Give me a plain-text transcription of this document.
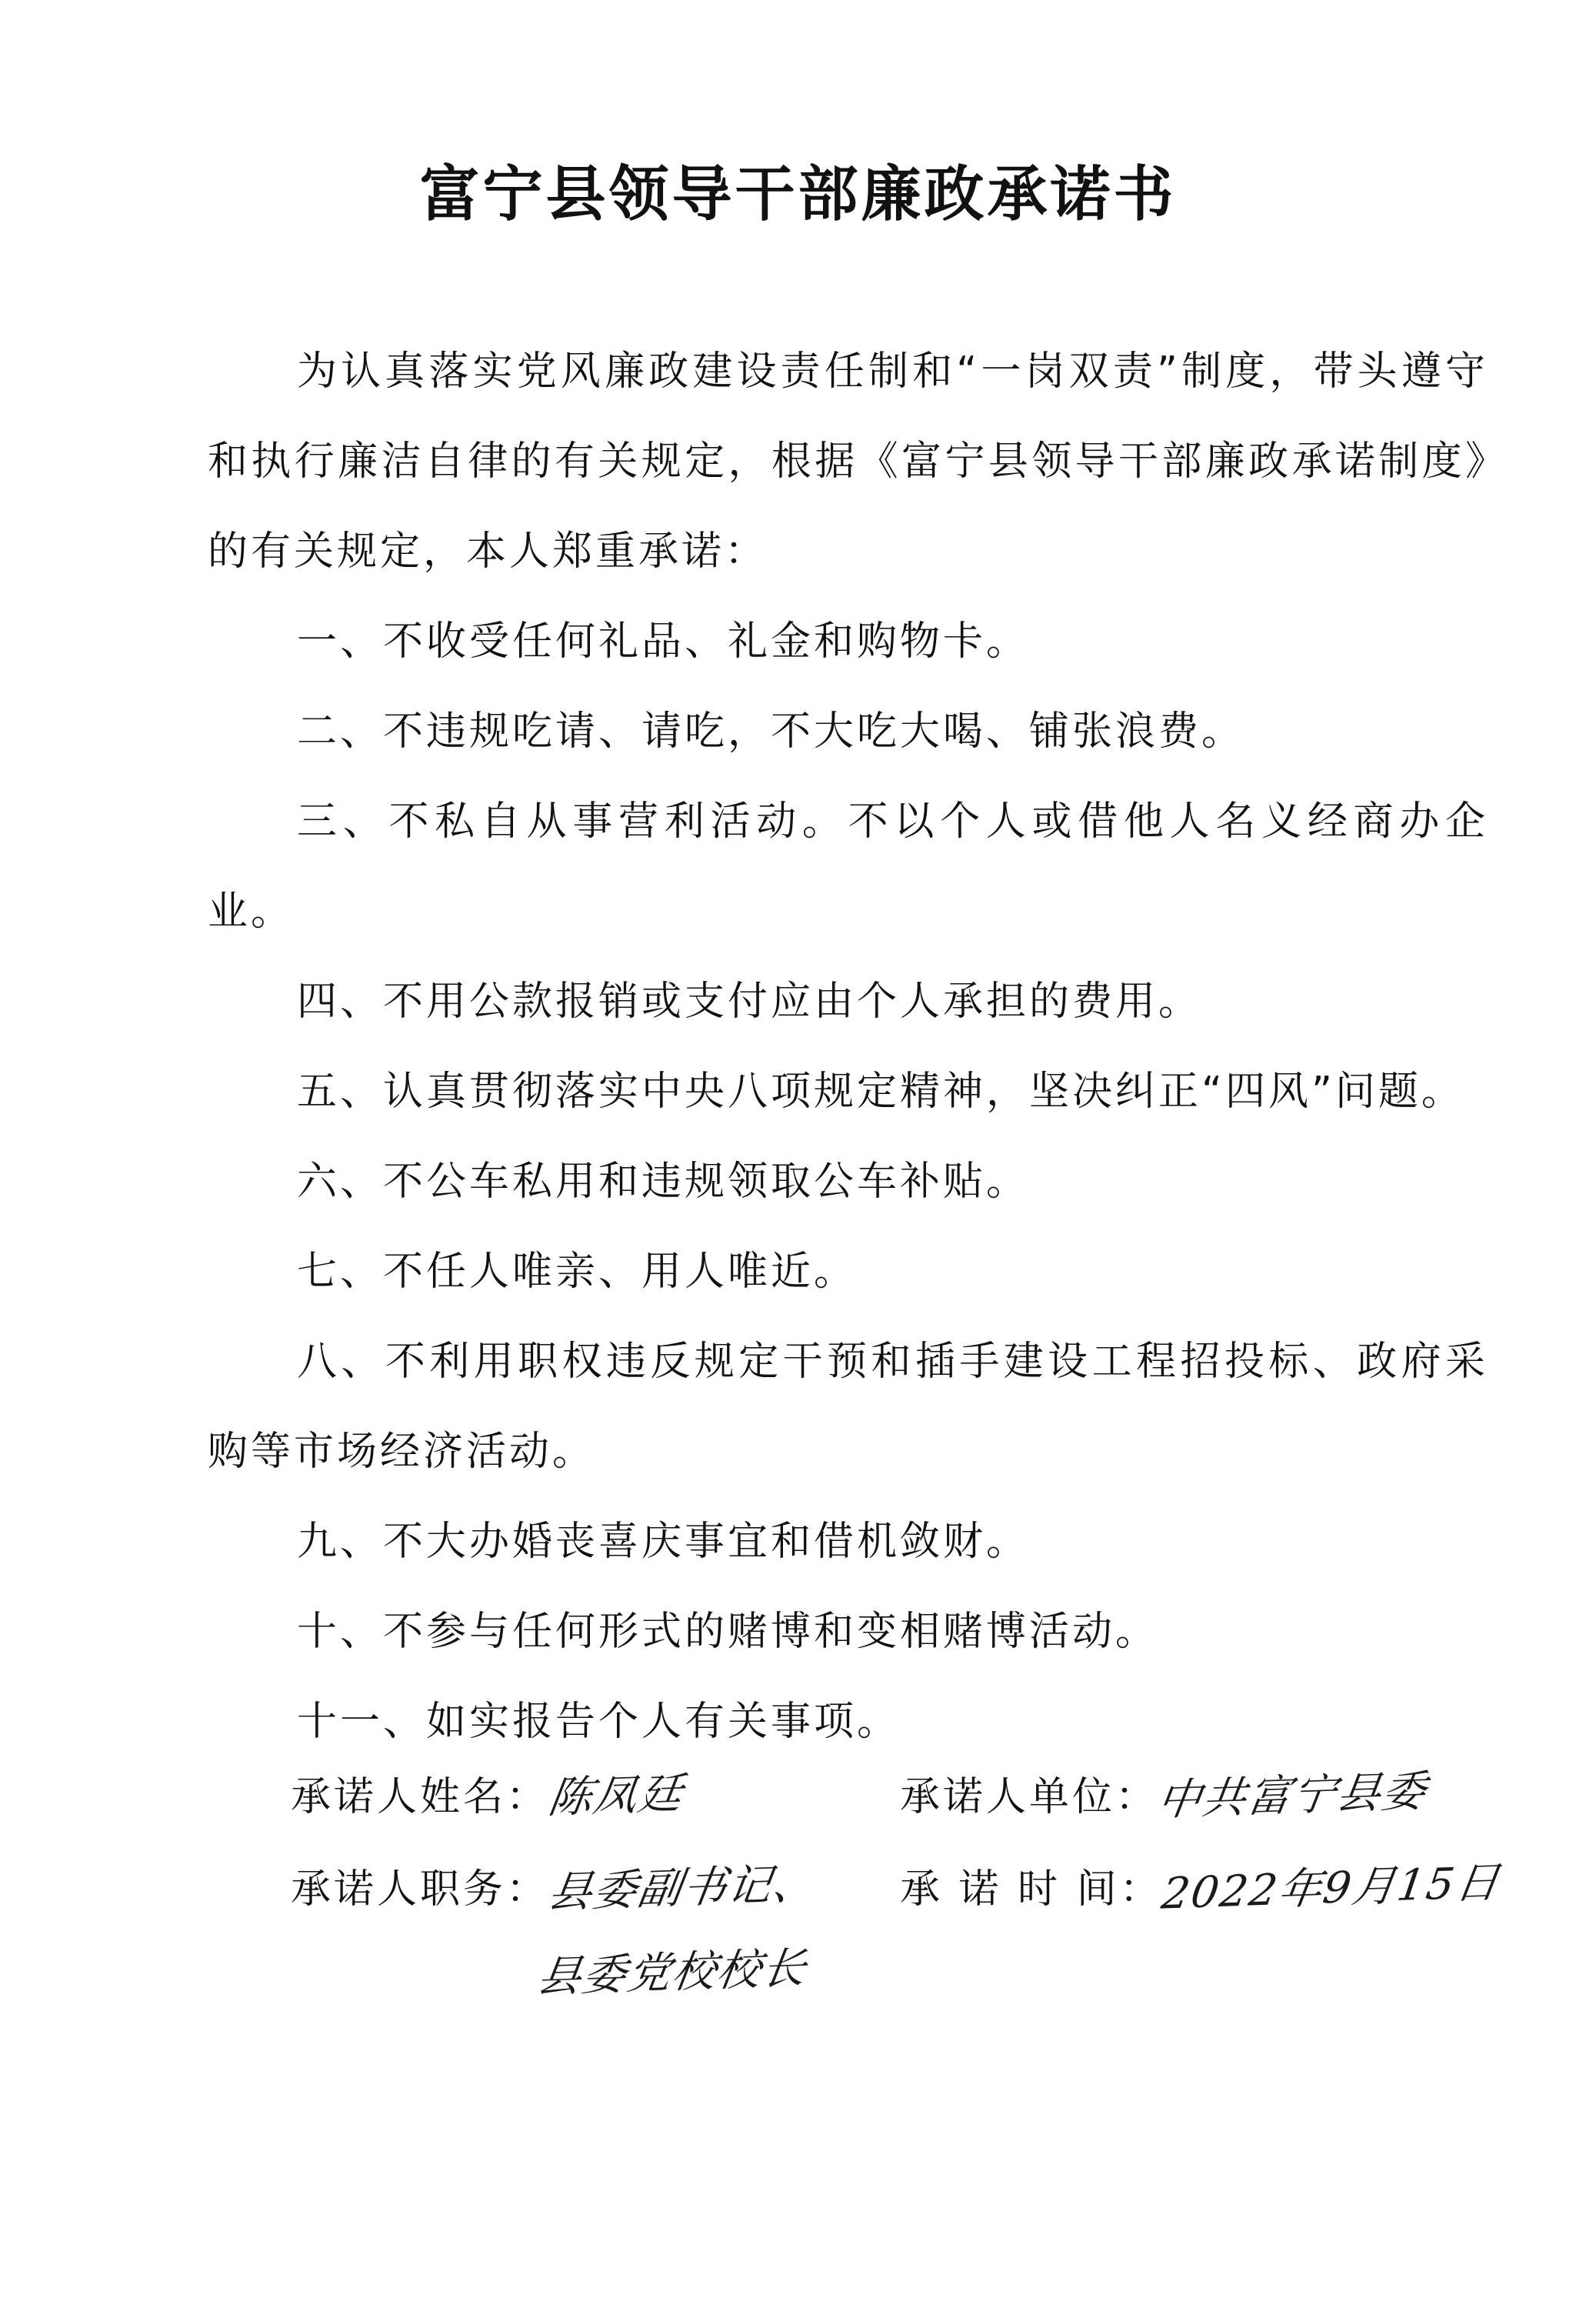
富宁县领导干部廉政承诺书

为认真落实党风廉政建设责任制和“一岗双责”制度，带头遵守和执行廉洁自律的有关规定，根据《富宁县领导干部廉政承诺制度》的有关规定，本人郑重承诺：

一、不收受任何礼品、礼金和购物卡。

二、不违规吃请、请吃，不大吃大喝、铺张浪费。

三、不私自从事营利活动。不以个人或借他人名义经商办企业。

四、不用公款报销或支付应由个人承担的费用。

五、认真贯彻落实中央八项规定精神，坚决纠正“四风”问题。

六、不公车私用和违规领取公车补贴。

七、不任人唯亲、用人唯近。

八、不利用职权违反规定干预和插手建设工程招投标、政府采购等市场经济活动。

九、不大办婚丧喜庆事宜和借机敛财。

十、不参与任何形式的赌博和变相赌博活动。

十一、如实报告个人有关事项。

承诺人姓名：陈凤廷	承诺人单位：中共富宁县委
承诺人职务：县委副书记、
县委党校校长
承 诺 时 间：2022年9月15日
